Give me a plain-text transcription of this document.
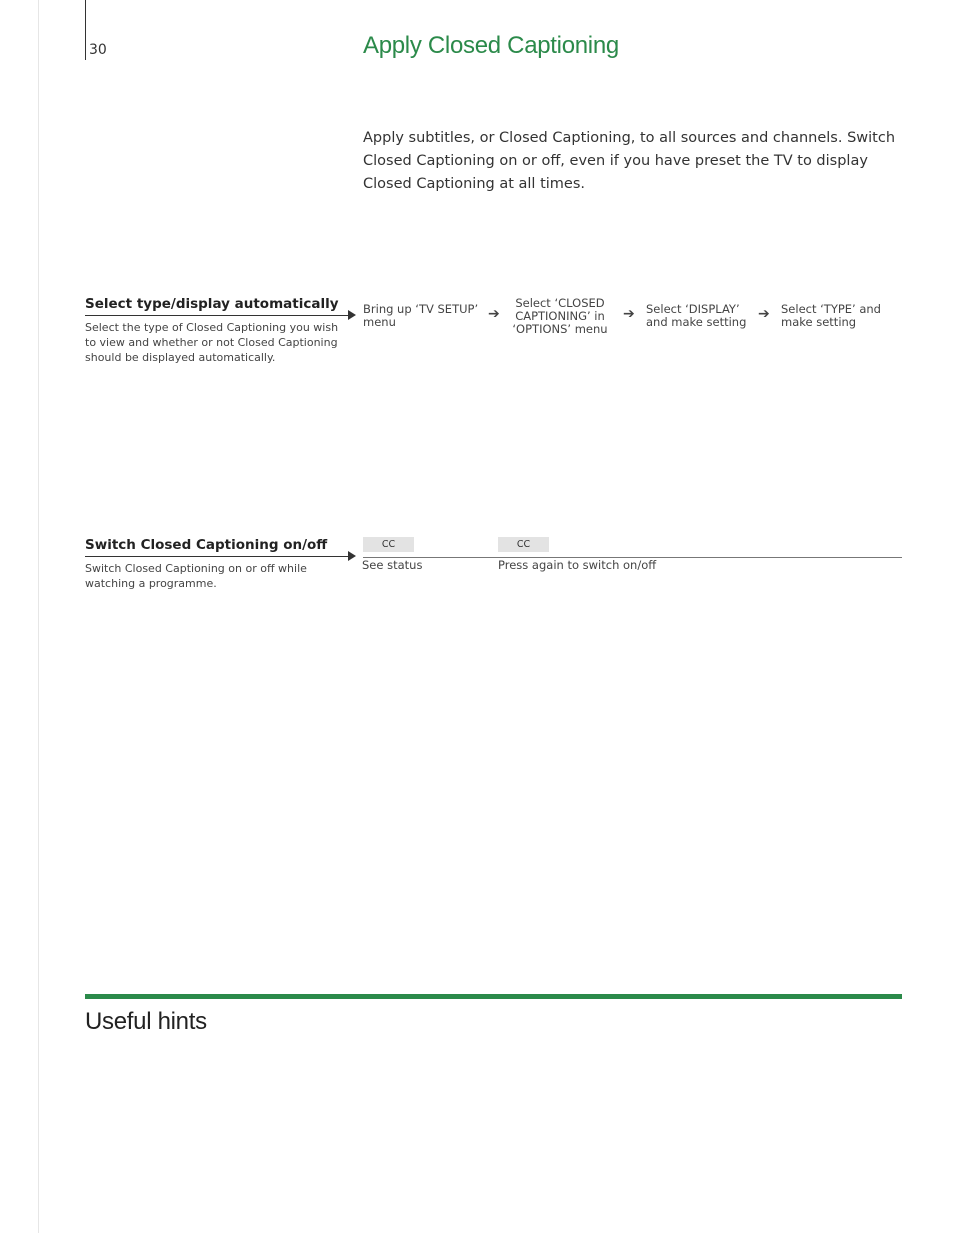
30	Apply Closed Captioning
Apply subtitles, or Closed Captioning, to all sources and channels. Switch Closed Captioning on or off, even if you have preset the TV to display Closed Captioning at all times.
Select type/display automatically
Select the type of Closed Captioning you wish to view and whether or not Closed Captioning should be displayed automatically.
Bring up ‘TV SETUP’ menu	➔
Select ‘CLOSED CAPTIONING’ in ‘OPTIONS’ menu
➔ Select ‘DISPLAY’ and make setting ➔ Select ‘TYPE’ and make setting
Switch Closed Captioning on/off
Switch Closed Captioning on or off while watching a programme.
CC
See status
CC
Press again to switch on/off
Useful hints
